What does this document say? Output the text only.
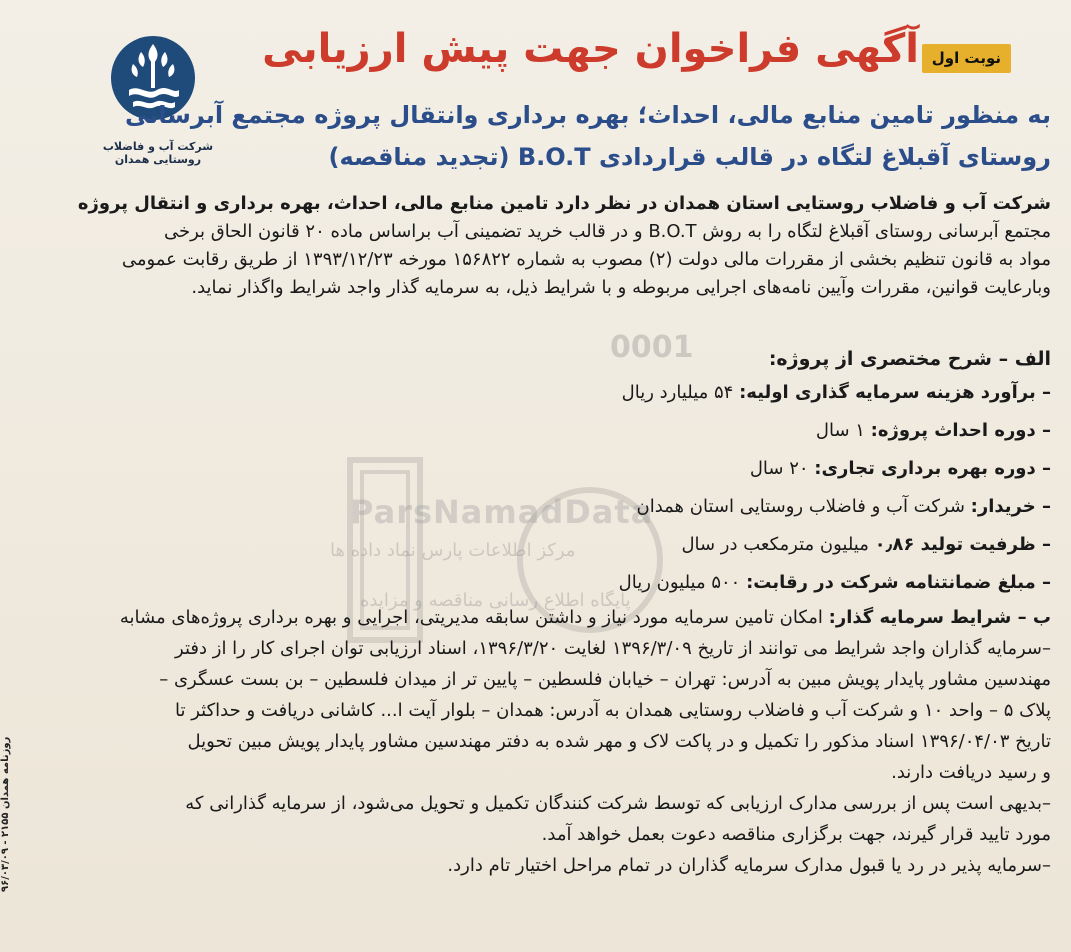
ParsNamadData
مرکز اطلاعات پارس نماد داده ها
پایگاه اطلاع رسانی مناقصه و مزایده
0001
شرکت آب و فاضلاب روستایی همدان
نوبت اول
آگهی فراخوان جهت پیش ارزیابی
به منظور تامین منابع مالی، احداث؛ بهره برداری وانتقال پروژه مجتمع آبرسانی
روستای آقبلاغ لتگاه در قالب قراردادی B.O.T (تجدید مناقصه)

شرکت آب و فاضلاب روستایی استان همدان در نظر دارد تامین منابع مالی، احداث، بهره برداری و انتقال پروژه

مجتمع آبرسانی روستای آقبلاغ لتگاه را به روش B.O.T و در قالب خرید تضمینی آب براساس ماده ۲۰ قانون الحاق برخی

مواد به قانون تنظیم بخشی از مقررات مالی دولت (۲) مصوب به شماره ۱۵۶۸۲۲ مورخه ۱۳۹۳/۱۲/۲۳ از طریق رقابت عمومی

وبارعایت قوانین، مقررات وآیین نامه‌های اجرایی مربوطه و با شرایط ذیل، به سرمایه گذار واجد شرایط واگذار نماید.

الف – شرح مختصری از پروژه:

– برآورد هزینه سرمایه گذاری اولیه: ۵۴ میلیارد ریال

– دوره احداث پروژه: ۱ سال

– دوره بهره برداری تجاری: ۲۰ سال

– خریدار: شرکت آب و فاضلاب روستایی استان همدان

– ظرفیت تولید ۰٫۸۶ میلیون مترمکعب در سال

– مبلغ ضمانتنامه شرکت در رقابت: ۵۰۰ میلیون ریال

ب – شرایط سرمایه گذار: امکان تامین سرمایه مورد نیاز و داشتن سابقه مدیریتی، اجرایی و بهره برداری پروژه‌های مشابه

–سرمایه گذاران واجد شرایط می توانند از تاریخ ۱۳۹۶/۳/۰۹ لغایت ۱۳۹۶/۳/۲۰، اسناد ارزیابی توان اجرای کار را از دفتر

مهندسین مشاور پایدار پویش مبین به آدرس: تهران – خیابان فلسطین – پایین تر از میدان فلسطین – بن بست عسگری –

پلاک ۵ – واحد ۱۰ و شرکت آب و فاضلاب روستایی همدان به آدرس: همدان – بلوار آیت ا... کاشانی دریافت و حداکثر تا

تاریخ ۱۳۹۶/۰۴/۰۳ اسناد مذکور را تکمیل و در پاکت لاک و مهر شده به دفتر مهندسین مشاور پایدار پویش مبین تحویل

و رسید دریافت دارند.

–بدیهی است پس از بررسی مدارک ارزیابی که توسط شرکت کنندگان تکمیل و تحویل می‌شود، از سرمایه گذارانی که

مورد تایید قرار گیرند، جهت برگزاری مناقصه دعوت بعمل خواهد آمد.

–سرمایه پذیر در رد یا قبول مدارک سرمایه گذاران در تمام مراحل اختیار تام دارد.

روزنامه همدان ۲۱۵۵ - ۹۶/۰۳/۰۹
